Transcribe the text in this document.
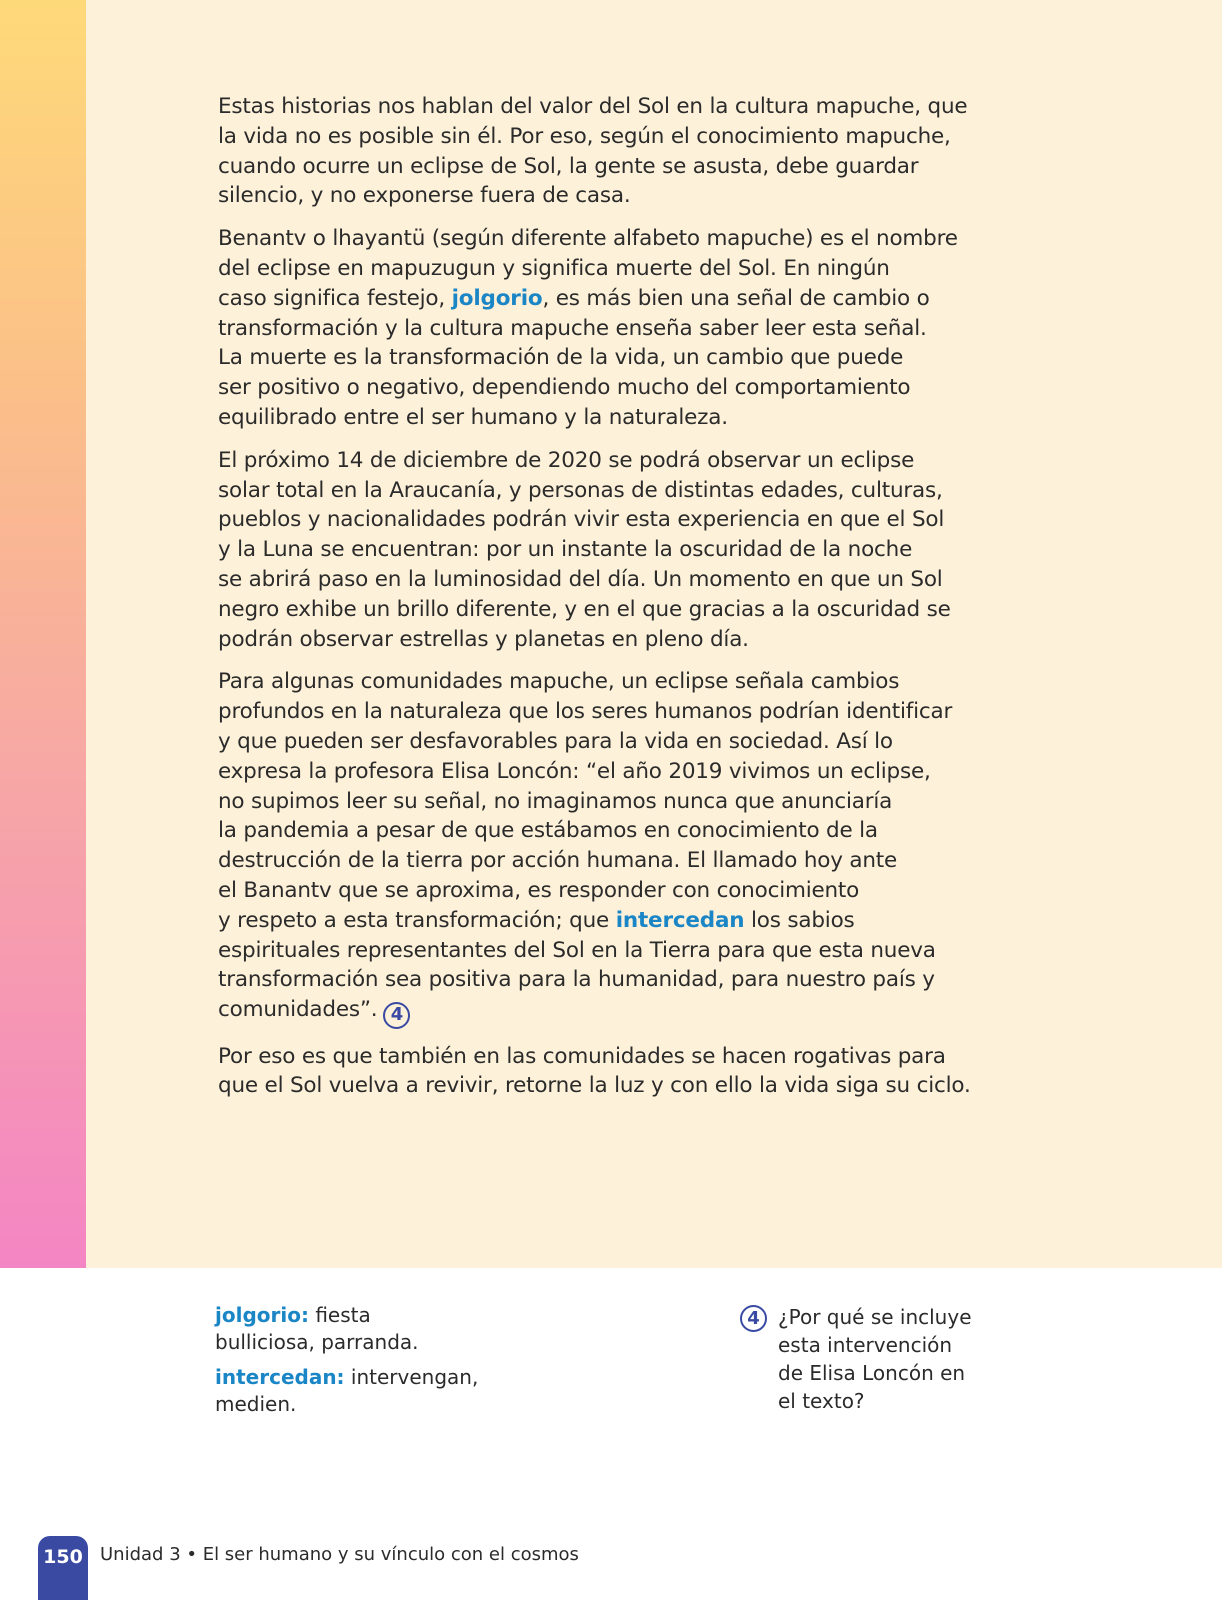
Estas historias nos hablan del valor del Sol en la cultura mapuche, que
la vida no es posible sin él. Por eso, según el conocimiento mapuche,
cuando ocurre un eclipse de Sol, la gente se asusta, debe guardar
silencio, y no exponerse fuera de casa.

Benantv o lhayantü (según diferente alfabeto mapuche) es el nombre
del eclipse en mapuzugun y significa muerte del Sol. En ningún
caso significa festejo, jolgorio, es más bien una señal de cambio o
transformación y la cultura mapuche enseña saber leer esta señal.
La muerte es la transformación de la vida, un cambio que puede
ser positivo o negativo, dependiendo mucho del comportamiento
equilibrado entre el ser humano y la naturaleza.

El próximo 14 de diciembre de 2020 se podrá observar un eclipse
solar total en la Araucanía, y personas de distintas edades, culturas,
pueblos y nacionalidades podrán vivir esta experiencia en que el Sol
y la Luna se encuentran: por un instante la oscuridad de la noche
se abrirá paso en la luminosidad del día. Un momento en que un Sol
negro exhibe un brillo diferente, y en el que gracias a la oscuridad se
podrán observar estrellas y planetas en pleno día.

Para algunas comunidades mapuche, un eclipse señala cambios
profundos en la naturaleza que los seres humanos podrían identificar
y que pueden ser desfavorables para la vida en sociedad. Así lo
expresa la profesora Elisa Loncón: “el año 2019 vivimos un eclipse,
no supimos leer su señal, no imaginamos nunca que anunciaría
la pandemia a pesar de que estábamos en conocimiento de la
destrucción de la tierra por acción humana. El llamado hoy ante
el Banantv que se aproxima, es responder con conocimiento
y respeto a esta transformación; que intercedan los sabios
espirituales representantes del Sol en la Tierra para que esta nueva
transformación sea positiva para la humanidad, para nuestro país y
comunidades”. 4

Por eso es que también en las comunidades se hacen rogativas para
que el Sol vuelva a revivir, retorne la luz y con ello la vida siga su ciclo.

jolgorio: fiesta
bulliciosa, parranda.

intercedan: intervengan,
medien.

4 ¿Por qué se incluye
esta intervención
de Elisa Loncón en
el texto?
150 Unidad 3 • El ser humano y su vínculo con el cosmos
